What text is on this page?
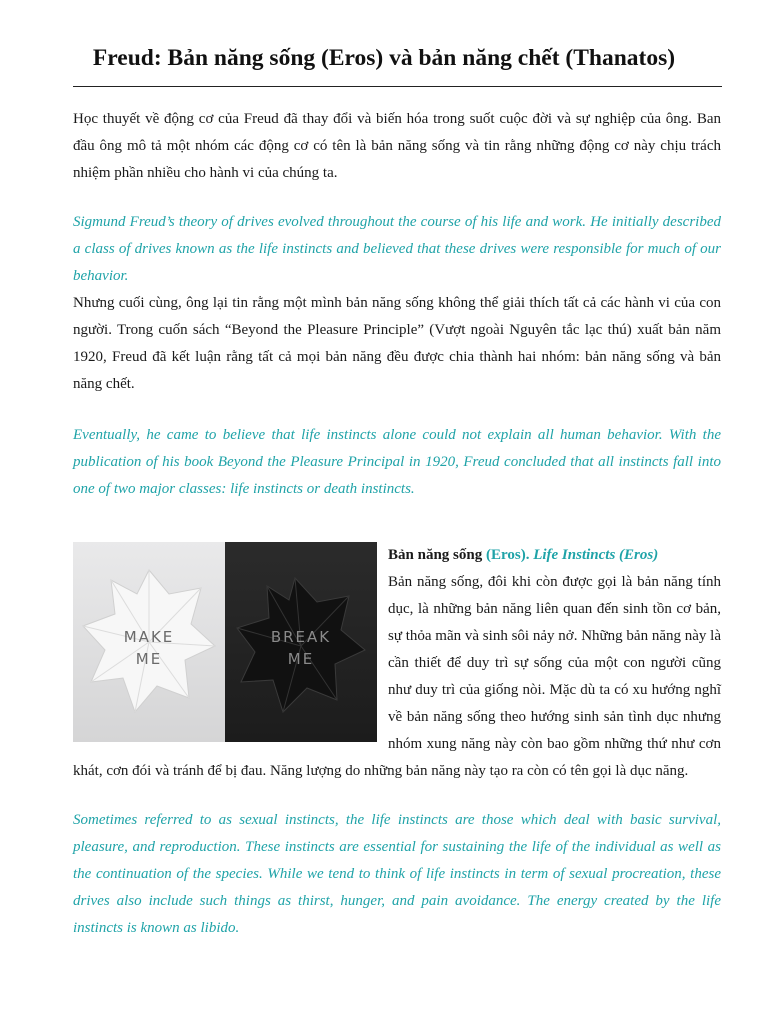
Freud: Bản năng sống (Eros) và bản năng chết (Thanatos)
Học thuyết về động cơ của Freud đã thay đổi và biến hóa trong suốt cuộc đời và sự nghiệp của ông. Ban đầu ông mô tả một nhóm các động cơ có tên là bản năng sống và tin rằng những động cơ này chịu trách nhiệm phần nhiều cho hành vi của chúng ta.
Sigmund Freud’s theory of drives evolved throughout the course of his life and work. He initially described a class of drives known as the life instincts and believed that these drives were responsible for much of our behavior.
Nhưng cuối cùng, ông lại tin rằng một mình bản năng sống không thể giải thích tất cả các hành vi của con người. Trong cuốn sách “Beyond the Pleasure Principle” (Vượt ngoài Nguyên tắc lạc thú) xuất bản năm 1920, Freud đã kết luận rằng tất cả mọi bản năng đều được chia thành hai nhóm: bản năng sống và bản năng chết.
Eventually, he came to believe that life instincts alone could not explain all human behavior. With the publication of his book Beyond the Pleasure Principal in 1920, Freud concluded that all instincts fall into one of two major classes: life instincts or death instincts.
MAKE
ME
BREAK
ME
Bản năng sống (Eros). Life Instincts (Eros)
Bản năng sống, đôi khi còn được gọi là bản năng tính dục, là những bản năng liên quan đến sinh tồn cơ bản, sự thỏa mãn và sinh sôi nảy nở. Những bản năng này là cần thiết để duy trì sự sống của một con người cũng như duy trì của giống nòi. Mặc dù ta có xu hướng nghĩ về bản năng sống theo hướng sinh sản tình dục nhưng nhóm xung năng này còn bao gồm những thứ như cơn khát, cơn đói và tránh để bị đau. Năng lượng do những bản năng này tạo ra còn có tên gọi là dục năng.
Sometimes referred to as sexual instincts, the life instincts are those which deal with basic survival, pleasure, and reproduction. These instincts are essential for sustaining the life of the individual as well as the continuation of the species. While we tend to think of life instincts in term of sexual procreation, these drives also include such things as thirst, hunger, and pain avoidance. The energy created by the life instincts is known as libido.
